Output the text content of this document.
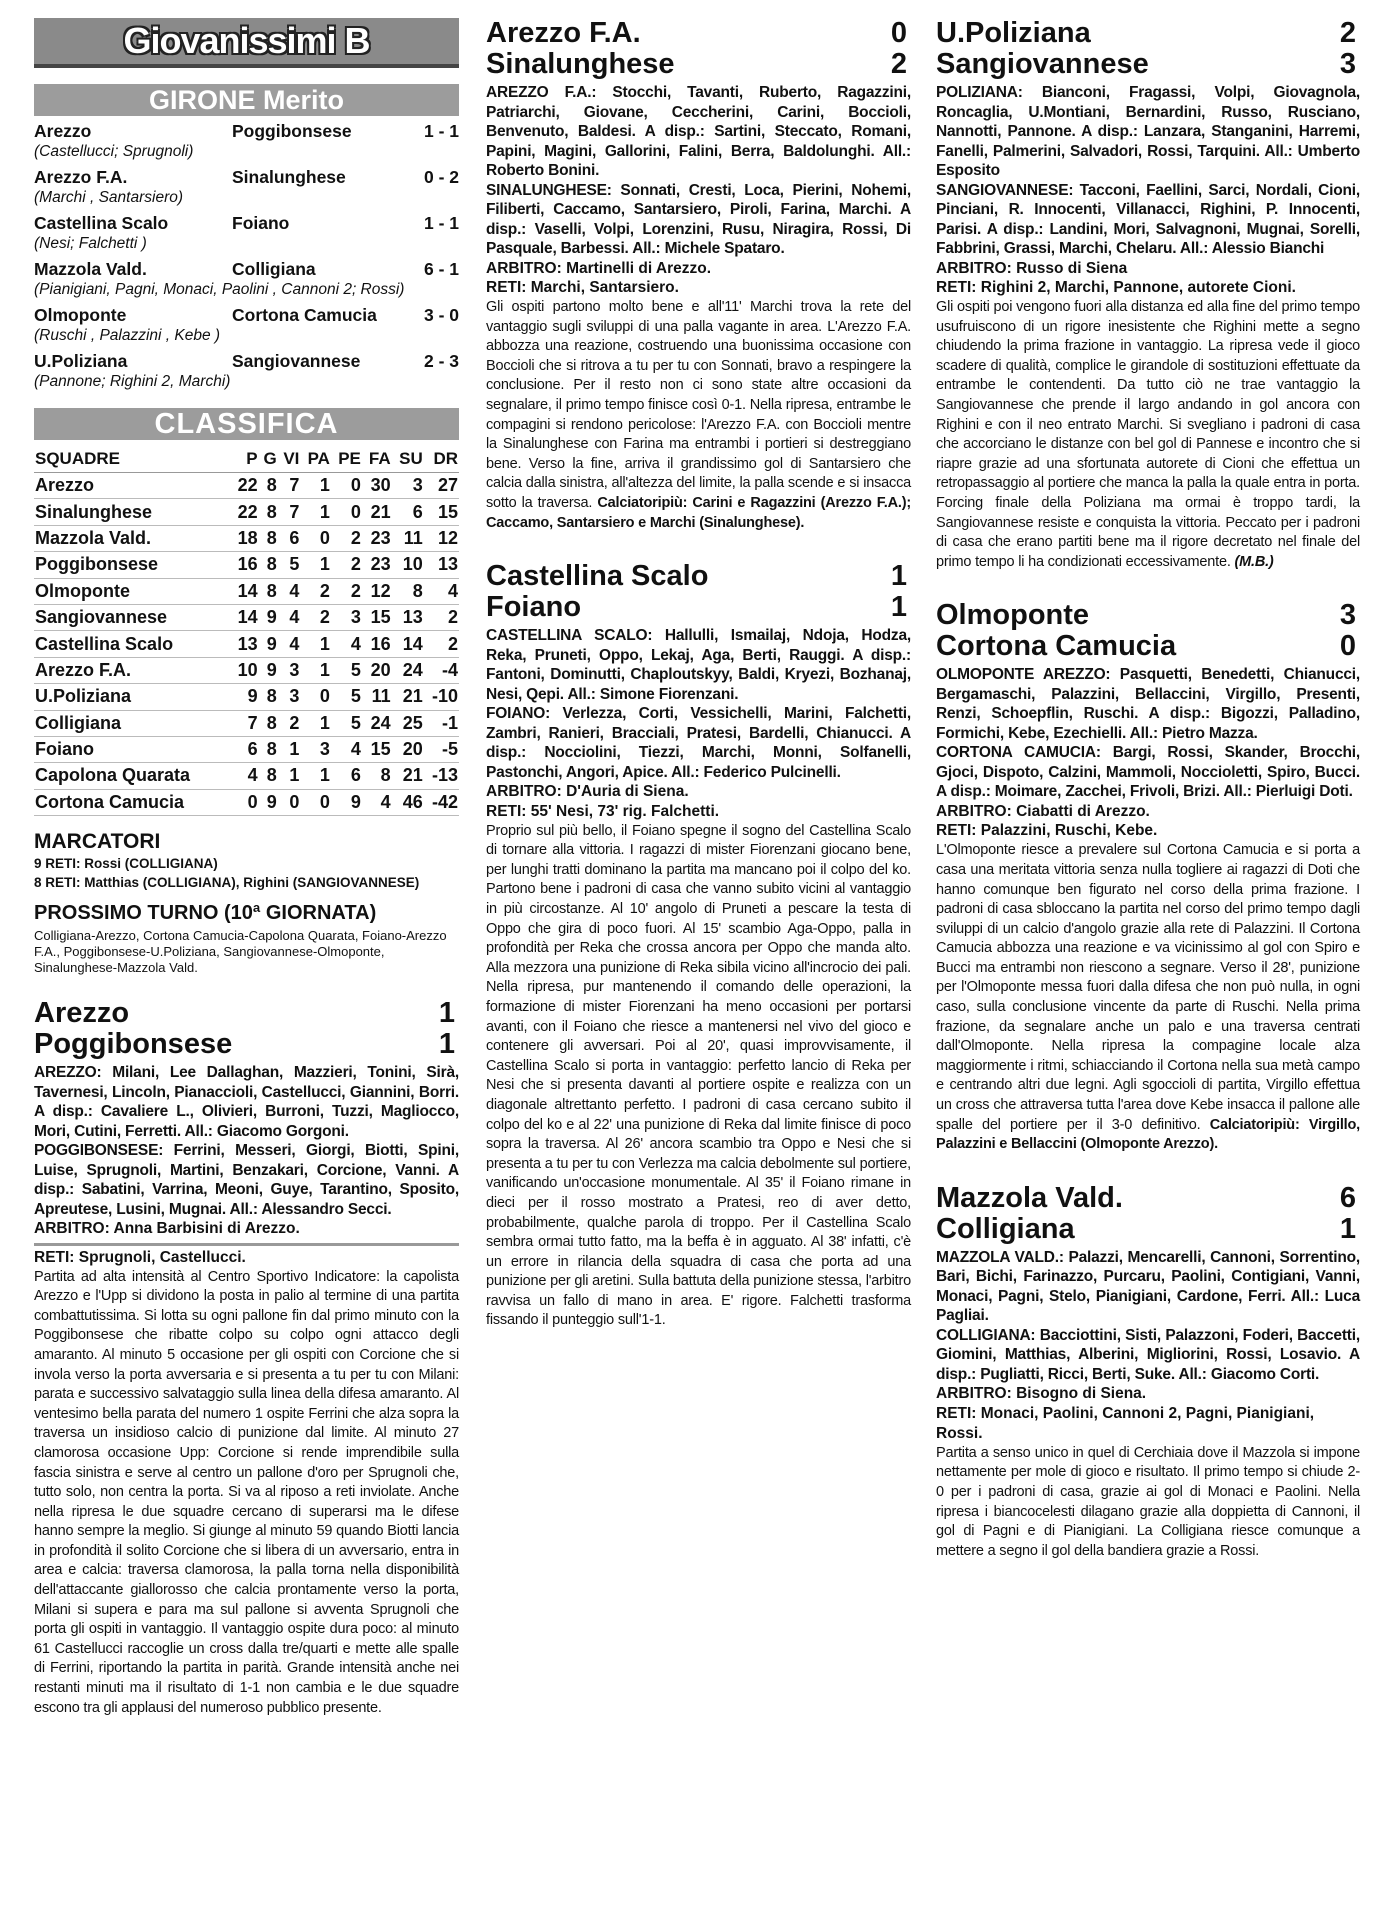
Giovanissimi B
GIRONE Merito
Arezzo	Poggibonsese	1 - 1
(Castellucci; Sprugnoli)
Arezzo F.A.	Sinalunghese	0 - 2
(Marchi , Santarsiero)
Castellina Scalo	Foiano	1 - 1
(Nesi; Falchetti )
Mazzola Vald.	Colligiana	6 - 1
(Pianigiani, Pagni, Monaci, Paolini , Cannoni 2; Rossi)
Olmoponte	Cortona Camucia	3 - 0
(Ruschi , Palazzini , Kebe )
U.Poliziana	Sangiovannese	2 - 3
(Pannone; Righini 2, Marchi)
CLASSIFICA
SQUADRE	P	G	VI	PA	PE	FA	SU	DR
Arezzo	22	8	7	1	0	30	3	27
Sinalunghese	22	8	7	1	0	21	6	15
Mazzola Vald.	18	8	6	0	2	23	11	12
Poggibonsese	16	8	5	1	2	23	10	13
Olmoponte	14	8	4	2	2	12	8	4
Sangiovannese	14	9	4	2	3	15	13	2
Castellina Scalo	13	9	4	1	4	16	14	2
Arezzo F.A.	10	9	3	1	5	20	24	-4
U.Poliziana	9	8	3	0	5	11	21	-10
Colligiana	7	8	2	1	5	24	25	-1
Foiano	6	8	1	3	4	15	20	-5
Capolona Quarata	4	8	1	1	6	8	21	-13
Cortona Camucia	0	9	0	0	9	4	46	-42
MARCATORI
9 RETI: Rossi (COLLIGIANA)
8 RETI: Matthias (COLLIGIANA), Righini (SANGIOVANNESE)
PROSSIMO TURNO (10ª GIORNATA)
Colligiana-Arezzo, Cortona Camucia-Capolona Quarata, Foiano-Arezzo F.A., Poggibonsese-U.Poliziana, Sangiovannese-Olmoponte, Sinalunghese-Mazzola Vald.
Arezzo	1
Poggibonsese	1
AREZZO: Milani, Lee Dallaghan, Mazzieri, Tonini, Sirà, Tavernesi, Lincoln, Pianaccioli, Castellucci, Giannini, Borri. A disp.: Cavaliere L., Olivieri, Burroni, Tuzzi, Magliocco, Mori, Cutini, Ferretti. All.: Giacomo Gorgoni.
POGGIBONSESE: Ferrini, Messeri, Giorgi, Biotti, Spini, Luise, Sprugnoli, Martini, Benzakari, Corcione, Vanni. A disp.: Sabatini, Varrina, Meoni, Guye, Tarantino, Sposito, Apreutese, Lusini, Mugnai. All.: Alessandro Secci.
ARBITRO: Anna Barbisini di Arezzo.
RETI: Sprugnoli, Castellucci.
Partita ad alta intensità al Centro Sportivo Indicatore: la capolista Arezzo e l'Upp si dividono la posta in palio al termine di una partita combattutissima. Si lotta su ogni pallone fin dal primo minuto con la Poggibonsese che ribatte colpo su colpo ogni attacco degli amaranto. Al minuto 5 occasione per gli ospiti con Corcione che si invola verso la porta avversaria e si presenta a tu per tu con Milani: parata e successivo salvataggio sulla linea della difesa amaranto. Al ventesimo bella parata del numero 1 ospite Ferrini che alza sopra la traversa un insidioso calcio di punizione dal limite. Al minuto 27 clamorosa occasione Upp: Corcione si rende imprendibile sulla fascia sinistra e serve al centro un pallone d'oro per Sprugnoli che, tutto solo, non centra la porta. Si va al riposo a reti inviolate. Anche nella ripresa le due squadre cercano di superarsi ma le difese hanno sempre la meglio. Si giunge al minuto 59 quando Biotti lancia in profondità il solito Corcione che si libera di un avversario, entra in area e calcia: traversa clamorosa, la palla torna nella disponibilità dell'attaccante giallorosso che calcia prontamente verso la porta, Milani si supera e para ma sul pallone si avventa Sprugnoli che porta gli ospiti in vantaggio. Il vantaggio ospite dura poco: al minuto 61 Castellucci raccoglie un cross dalla tre/quarti e mette alle spalle di Ferrini, riportando la partita in parità. Grande intensità anche nei restanti minuti ma il risultato di 1-1 non cambia e le due squadre escono tra gli applausi del numeroso pubblico presente.
Arezzo F.A.	0
Sinalunghese	2
AREZZO F.A.: Stocchi, Tavanti, Ruberto, Ragazzini, Patriarchi, Giovane, Ceccherini, Carini, Boccioli, Benvenuto, Baldesi. A disp.: Sartini, Steccato, Romani, Papini, Magini, Gallorini, Falini, Berra, Baldolunghi. All.: Roberto Bonini.
SINALUNGHESE: Sonnati, Cresti, Loca, Pierini, Nohemi, Filiberti, Caccamo, Santarsiero, Piroli, Farina, Marchi. A disp.: Vaselli, Volpi, Lorenzini, Rusu, Niragira, Rossi, Di Pasquale, Barbessi. All.: Michele Spataro.
ARBITRO: Martinelli di Arezzo.
RETI: Marchi, Santarsiero.
Gli ospiti partono molto bene e all'11' Marchi trova la rete del vantaggio sugli sviluppi di una palla vagante in area. L'Arezzo F.A. abbozza una reazione, costruendo una buonissima occasione con Boccioli che si ritrova a tu per tu con Sonnati, bravo a respingere la conclusione. Per il resto non ci sono state altre occasioni da segnalare, il primo tempo finisce così 0-1. Nella ripresa, entrambe le compagini si rendono pericolose: l'Arezzo F.A. con Boccioli mentre la Sinalunghese con Farina ma entrambi i portieri si destreggiano bene. Verso la fine, arriva il grandissimo gol di Santarsiero che calcia dalla sinistra, all'altezza del limite, la palla scende e si insacca sotto la traversa. Calciatoripiù: Carini e Ragazzini (Arezzo F.A.); Caccamo, Santarsiero e Marchi (Sinalunghese).
Castellina Scalo	1
Foiano	1
CASTELLINA SCALO: Hallulli, Ismailaj, Ndoja, Hodza, Reka, Pruneti, Oppo, Lekaj, Aga, Berti, Rauggi. A disp.: Fantoni, Dominutti, Chaploutskyy, Baldi, Kryezi, Bozhanaj, Nesi, Qepi. All.: Simone Fiorenzani.
FOIANO: Verlezza, Corti, Vessichelli, Marini, Falchetti, Zambri, Ranieri, Bracciali, Pratesi, Bardelli, Chianucci. A disp.: Nocciolini, Tiezzi, Marchi, Monni, Solfanelli, Pastonchi, Angori, Apice. All.: Federico Pulcinelli.
ARBITRO: D'Auria di Siena.
RETI: 55' Nesi, 73' rig. Falchetti.
Proprio sul più bello, il Foiano spegne il sogno del Castellina Scalo di tornare alla vittoria. I ragazzi di mister Fiorenzani giocano bene, per lunghi tratti dominano la partita ma mancano poi il colpo del ko. Partono bene i padroni di casa che vanno subito vicini al vantaggio in più circostanze. Al 10' angolo di Pruneti a pescare la testa di Oppo che gira di poco fuori. Al 15' scambio Aga-Oppo, palla in profondità per Reka che crossa ancora per Oppo che manda alto. Alla mezzora una punizione di Reka sibila vicino all'incrocio dei pali. Nella ripresa, pur mantenendo il comando delle operazioni, la formazione di mister Fiorenzani ha meno occasioni per portarsi avanti, con il Foiano che riesce a mantenersi nel vivo del gioco e contenere gli avversari. Poi al 20', quasi improvvisamente, il Castellina Scalo si porta in vantaggio: perfetto lancio di Reka per Nesi che si presenta davanti al portiere ospite e realizza con un diagonale altrettanto perfetto. I padroni di casa cercano subito il colpo del ko e al 22' una punizione di Reka dal limite finisce di poco sopra la traversa. Al 26' ancora scambio tra Oppo e Nesi che si presenta a tu per tu con Verlezza ma calcia debolmente sul portiere, vanificando un'occasione monumentale. Al 35' il Foiano rimane in dieci per il rosso mostrato a Pratesi, reo di aver detto, probabilmente, qualche parola di troppo. Per il Castellina Scalo sembra ormai tutto fatto, ma la beffa è in agguato. Al 38' infatti, c'è un errore in rilancia della squadra di casa che porta ad una punizione per gli aretini. Sulla battuta della punizione stessa, l'arbitro ravvisa un fallo di mano in area. E' rigore. Falchetti trasforma fissando il punteggio sull'1-1.
U.Poliziana	2
Sangiovannese	3
POLIZIANA: Bianconi, Fragassi, Volpi, Giovagnola, Roncaglia, U.Montiani, Bernardini, Russo, Rusciano, Nannotti, Pannone. A disp.: Lanzara, Stanganini, Harremi, Fanelli, Palmerini, Salvadori, Rossi, Tarquini. All.: Umberto Esposito
SANGIOVANNESE: Tacconi, Faellini, Sarci, Nordali, Cioni, Pinciani, R. Innocenti, Villanacci, Righini, P. Innocenti, Parisi. A disp.: Landini, Mori, Salvagnoni, Mugnai, Sorelli, Fabbrini, Grassi, Marchi, Chelaru. All.: Alessio Bianchi
ARBITRO: Russo di Siena
RETI: Righini 2, Marchi, Pannone, autorete Cioni.
Gli ospiti poi vengono fuori alla distanza ed alla fine del primo tempo usufruiscono di un rigore inesistente che Righini mette a segno chiudendo la prima frazione in vantaggio. La ripresa vede il gioco scadere di qualità, complice le girandole di sostituzioni effettuate da entrambe le contendenti. Da tutto ciò ne trae vantaggio la Sangiovannese che prende il largo andando in gol ancora con Righini e con il neo entrato Marchi. Si svegliano i padroni di casa che accorciano le distanze con bel gol di Pannese e incontro che si riapre grazie ad una sfortunata autorete di Cioni che effettua un retropassaggio al portiere che manca la palla la quale entra in porta. Forcing finale della Poliziana ma ormai è troppo tardi, la Sangiovannese resiste e conquista la vittoria. Peccato per i padroni di casa che erano partiti bene ma il rigore decretato nel finale del primo tempo li ha condizionati eccessivamente. (M.B.)
Olmoponte	3
Cortona Camucia	0
OLMOPONTE AREZZO: Pasquetti, Benedetti, Chianucci, Bergamaschi, Palazzini, Bellaccini, Virgillo, Presenti, Renzi, Schoepflin, Ruschi. A disp.: Bigozzi, Palladino, Formichi, Kebe, Ezechielli. All.: Pietro Mazza.
CORTONA CAMUCIA: Bargi, Rossi, Skander, Brocchi, Gjoci, Dispoto, Calzini, Mammoli, Noccioletti, Spiro, Bucci. A disp.: Moimare, Zacchei, Frivoli, Brizi. All.: Pierluigi Doti.
ARBITRO: Ciabatti di Arezzo.
RETI: Palazzini, Ruschi, Kebe.
L'Olmoponte riesce a prevalere sul Cortona Camucia e si porta a casa una meritata vittoria senza nulla togliere ai ragazzi di Doti che hanno comunque ben figurato nel corso della prima frazione. I padroni di casa sbloccano la partita nel corso del primo tempo dagli sviluppi di un calcio d'angolo grazie alla rete di Palazzini. Il Cortona Camucia abbozza una reazione e va vicinissimo al gol con Spiro e Bucci ma entrambi non riescono a segnare. Verso il 28', punizione per l'Olmoponte messa fuori dalla difesa che non può nulla, in ogni caso, sulla conclusione vincente da parte di Ruschi. Nella prima frazione, da segnalare anche un palo e una traversa centrati dall'Olmoponte. Nella ripresa la compagine locale alza maggiormente i ritmi, schiacciando il Cortona nella sua metà campo e centrando altri due legni. Agli sgoccioli di partita, Virgillo effettua un cross che attraversa tutta l'area dove Kebe insacca il pallone alle spalle del portiere per il 3-0 definitivo. Calciatoripiù: Virgillo, Palazzini e Bellaccini (Olmoponte Arezzo).
Mazzola Vald.	6
Colligiana	1
MAZZOLA VALD.: Palazzi, Mencarelli, Cannoni, Sorrentino, Bari, Bichi, Farinazzo, Purcaru, Paolini, Contigiani, Vanni, Monaci, Pagni, Stelo, Pianigiani, Cardone, Ferri. All.: Luca Pagliai.
COLLIGIANA: Bacciottini, Sisti, Palazzoni, Foderi, Baccetti, Giomini, Matthias, Alberini, Migliorini, Rossi, Losavio. A disp.: Pugliatti, Ricci, Berti, Suke. All.: Giacomo Corti.
ARBITRO: Bisogno di Siena.
RETI: Monaci, Paolini, Cannoni 2, Pagni, Pianigiani, Rossi.
Partita a senso unico in quel di Cerchiaia dove il Mazzola si impone nettamente per mole di gioco e risultato. Il primo tempo si chiude 2-0 per i padroni di casa, grazie ai gol di Monaci e Paolini. Nella ripresa i biancocelesti dilagano grazie alla doppietta di Cannoni, il gol di Pagni e di Pianigiani. La Colligiana riesce comunque a mettere a segno il gol della bandiera grazie a Rossi.
